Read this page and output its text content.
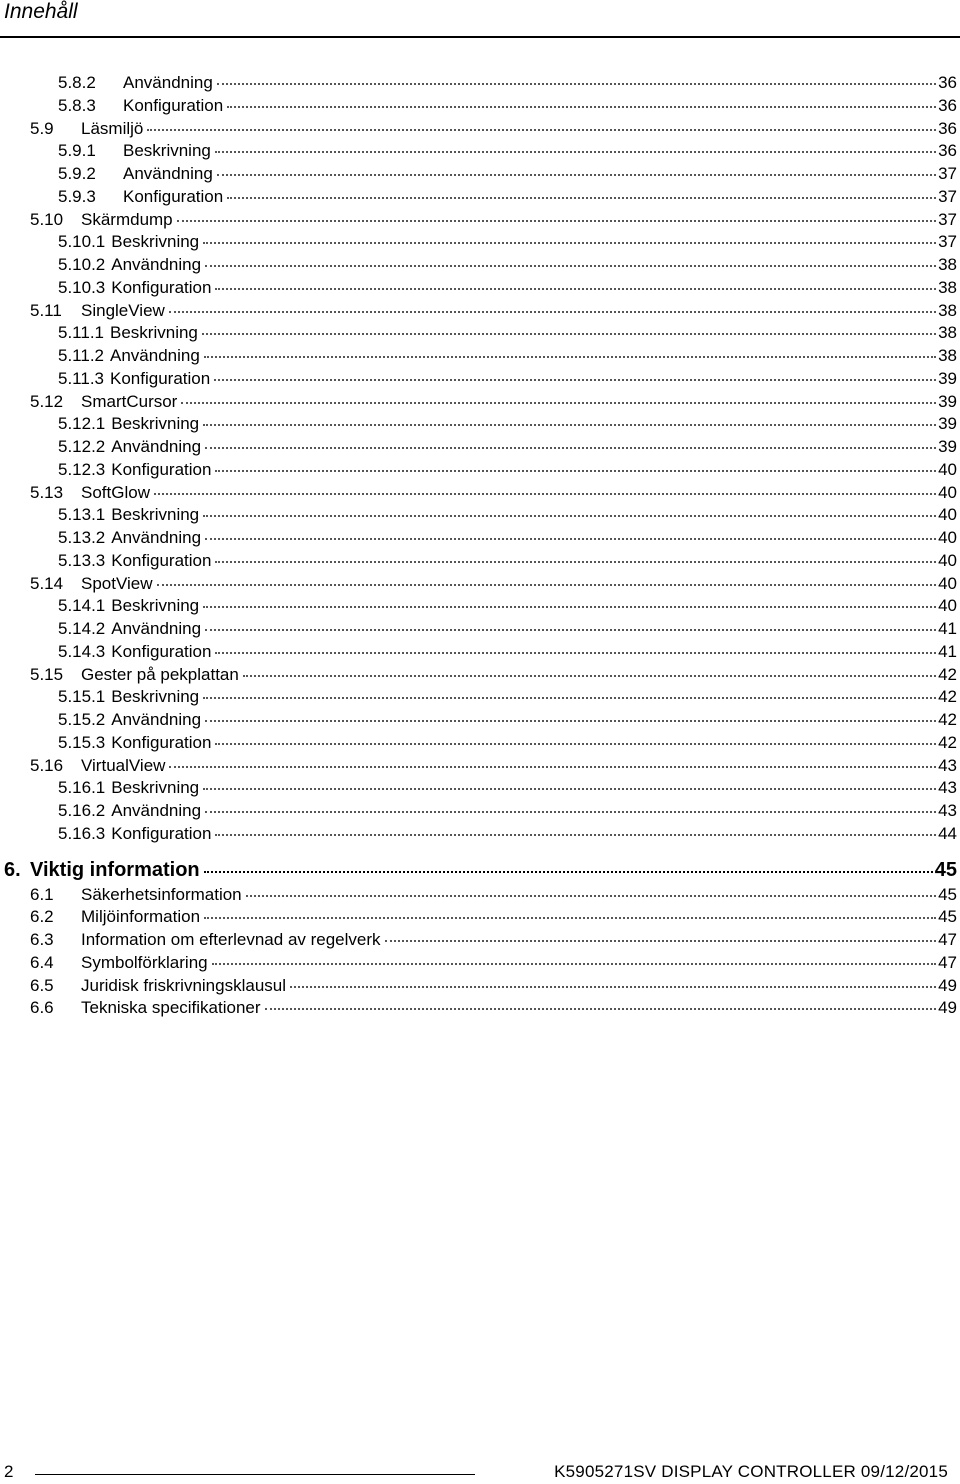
Innehåll
5.8.2	Användning	36
5.8.3	Konfiguration	36
5.9	Läsmiljö	36
5.9.1	Beskrivning	36
5.9.2	Användning	37
5.9.3	Konfiguration	37
5.10	Skärmdump	37
5.10.1 Beskrivning	37
5.10.2 Användning	38
5.10.3 Konfiguration	38
5.11	SingleView	38
5.11.1 Beskrivning	38
5.11.2 Användning	38
5.11.3 Konfiguration	39
5.12	SmartCursor	39
5.12.1 Beskrivning	39
5.12.2 Användning	39
5.12.3 Konfiguration	40
5.13	SoftGlow	40
5.13.1 Beskrivning	40
5.13.2 Användning	40
5.13.3 Konfiguration	40
5.14	SpotView	40
5.14.1 Beskrivning	40
5.14.2 Användning	41
5.14.3 Konfiguration	41
5.15	Gester på pekplattan	42
5.15.1 Beskrivning	42
5.15.2 Användning	42
5.15.3 Konfiguration	42
5.16	VirtualView	43
5.16.1 Beskrivning	43
5.16.2 Användning	43
5.16.3 Konfiguration	44
6. Viktig information	45
6.1	Säkerhetsinformation	45
6.2	Miljöinformation	45
6.3	Information om efterlevnad av regelverk	47
6.4	Symbolförklaring	47
6.5	Juridisk friskrivningsklausul	49
6.6	Tekniska specifikationer	49
2	K5905271SV DISPLAY CONTROLLER 09/12/2015
